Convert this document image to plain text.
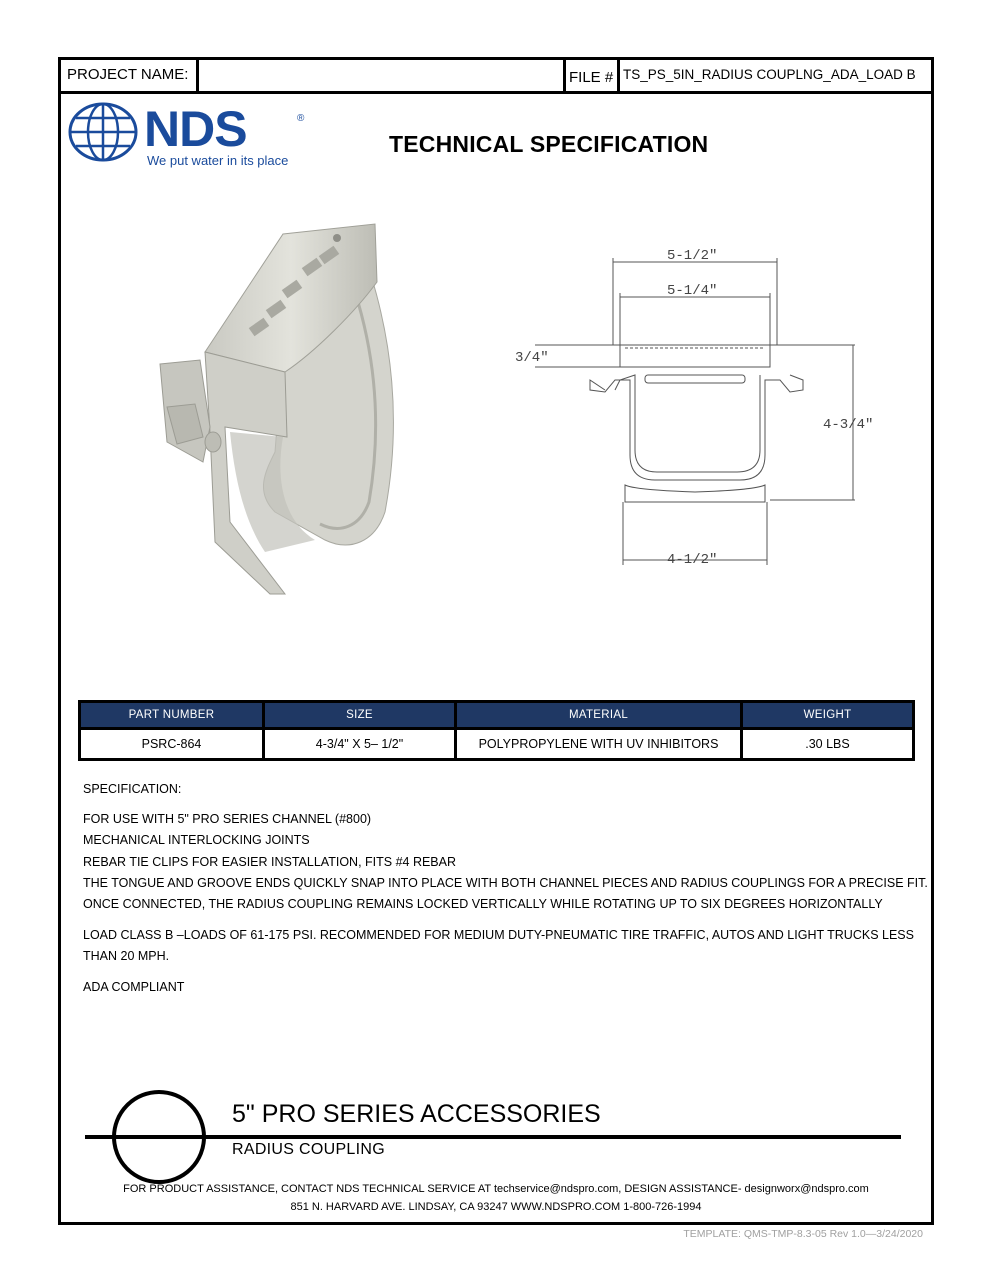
PROJECT NAME:	FILE # TS_PS_5IN_RADIUS COUPLNG_ADA_LOAD B
NDS	®
We put water in its place
TECHNICAL SPECIFICATION
5-1/2"
5-1/4"
3/4"
4-3/4"
4-1/2"
PART NUMBER	SIZE	MATERIAL	WEIGHT
PSRC-864	4-3/4" X 5– 1/2"	POLYPROPYLENE WITH UV INHIBITORS	.30 LBS
SPECIFICATION:
FOR USE WITH 5" PRO SERIES CHANNEL (#800)
MECHANICAL INTERLOCKING JOINTS
REBAR TIE CLIPS FOR EASIER INSTALLATION, FITS #4 REBAR
THE TONGUE AND GROOVE ENDS QUICKLY SNAP INTO PLACE WITH BOTH CHANNEL PIECES AND RADIUS COUPLINGS FOR A PRECISE FIT.
ONCE CONNECTED, THE RADIUS COUPLING REMAINS LOCKED VERTICALLY WHILE ROTATING UP TO SIX DEGREES HORIZONTALLY
LOAD CLASS B –LOADS OF 61-175 PSI. RECOMMENDED FOR MEDIUM DUTY-PNEUMATIC TIRE TRAFFIC, AUTOS AND LIGHT TRUCKS LESS
THAN 20 MPH.
ADA COMPLIANT
5" PRO SERIES ACCESSORIES
RADIUS COUPLING
FOR PRODUCT ASSISTANCE, CONTACT NDS TECHNICAL SERVICE AT techservice@ndspro.com, DESIGN ASSISTANCE- designworx@ndspro.com
851 N. HARVARD AVE. LINDSAY, CA 93247 WWW.NDSPRO.COM 1-800-726-1994
TEMPLATE: QMS-TMP-8.3-05 Rev 1.0—3/24/2020
